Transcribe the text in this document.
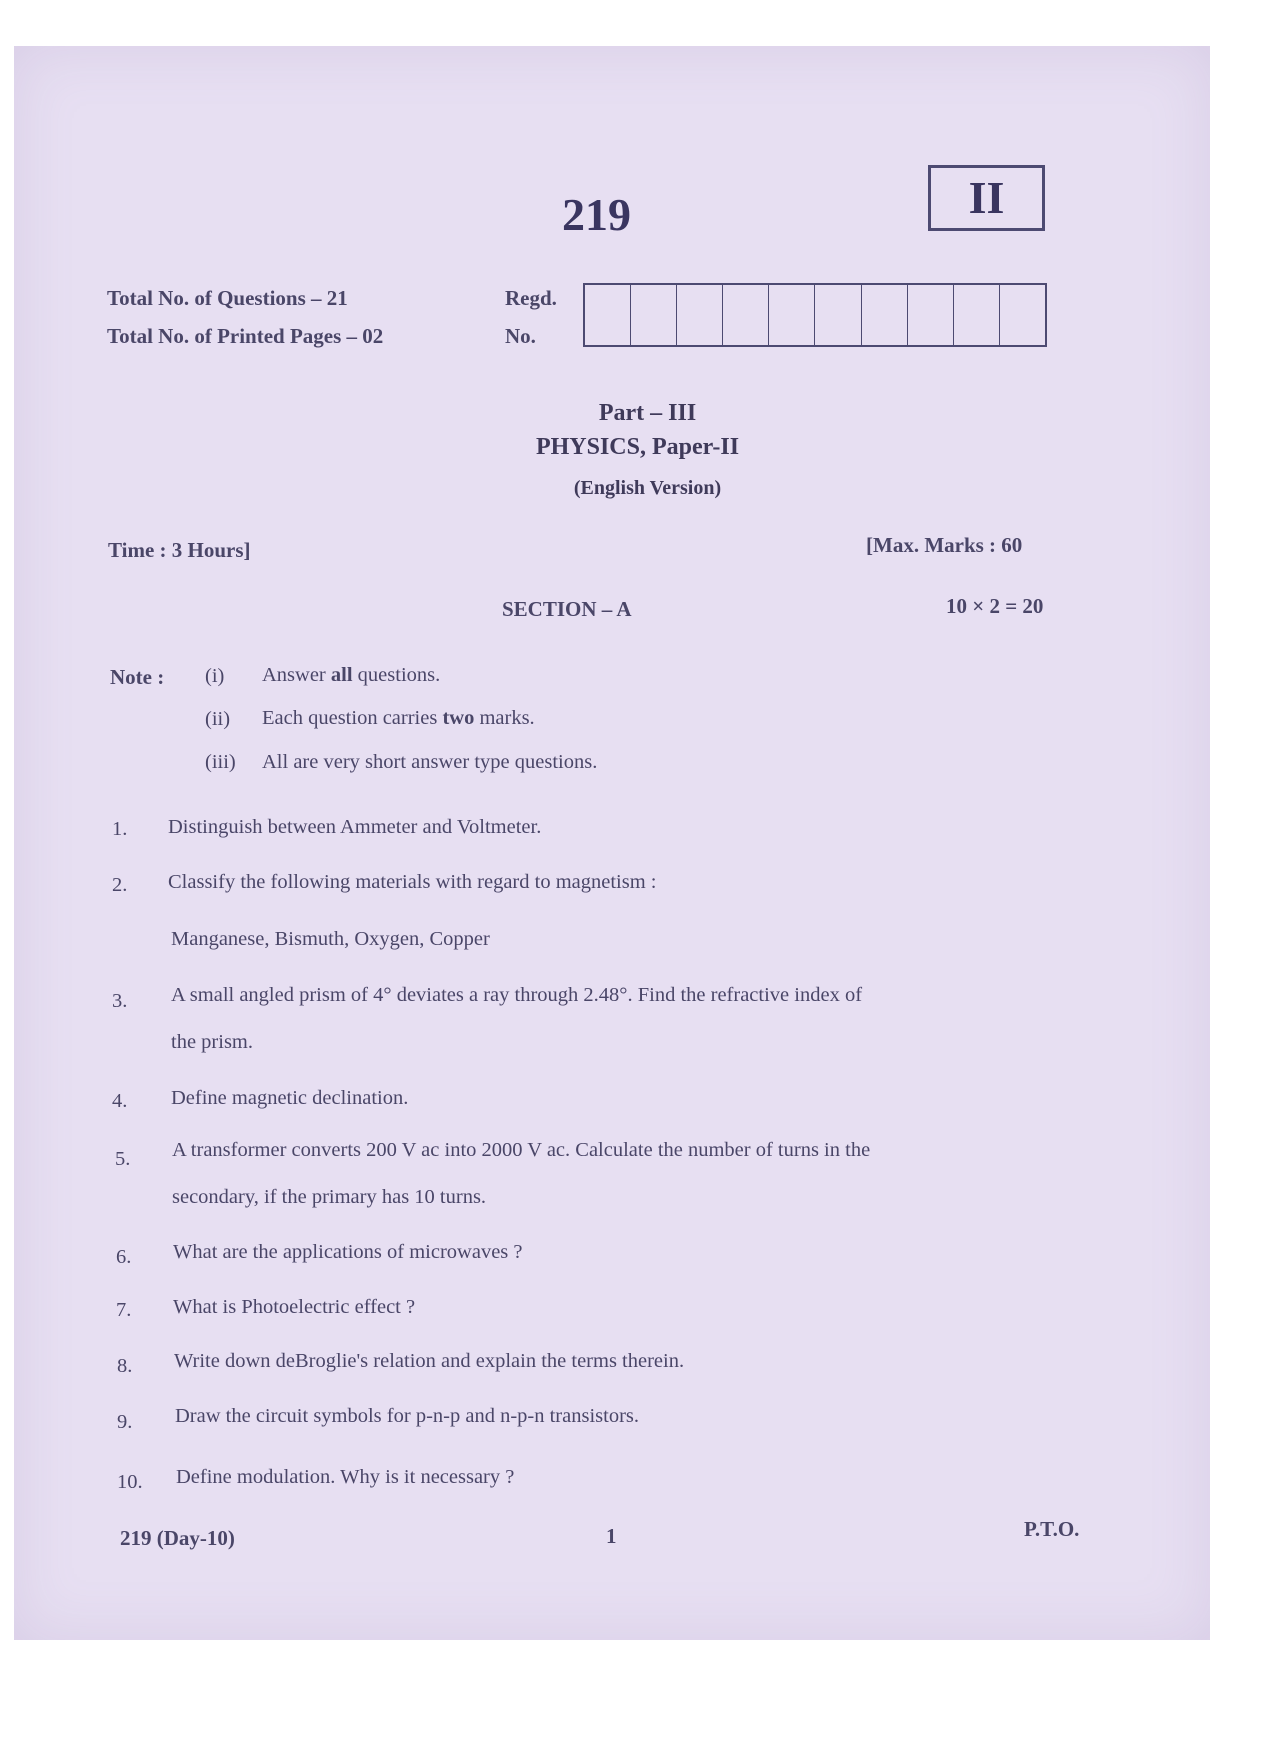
219	II
Total No. of Questions – 21
Total No. of Printed Pages – 02
Regd.
No.
Part – III
PHYSICS, Paper-II
(English Version)
Time : 3 Hours]	[Max. Marks : 60
SECTION – A	10 × 2 = 20
Note : (i) Answer all questions.
(ii) Each question carries two marks.
(iii) All are very short answer type questions.
1. Distinguish between Ammeter and Voltmeter.
2. Classify the following materials with regard to magnetism :
Manganese, Bismuth, Oxygen, Copper
3. A small angled prism of 4° deviates a ray through 2.48°. Find the refractive index of
the prism.
4. Define magnetic declination.
5. A transformer converts 200 V ac into 2000 V ac. Calculate the number of turns in the
secondary, if the primary has 10 turns.
6. What are the applications of microwaves ?
7. What is Photoelectric effect ?
8. Write down deBroglie's relation and explain the terms therein.
9. Draw the circuit symbols for p-n-p and n-p-n transistors.
10. Define modulation. Why is it necessary ?
219 (Day-10)	1	P.T.O.
